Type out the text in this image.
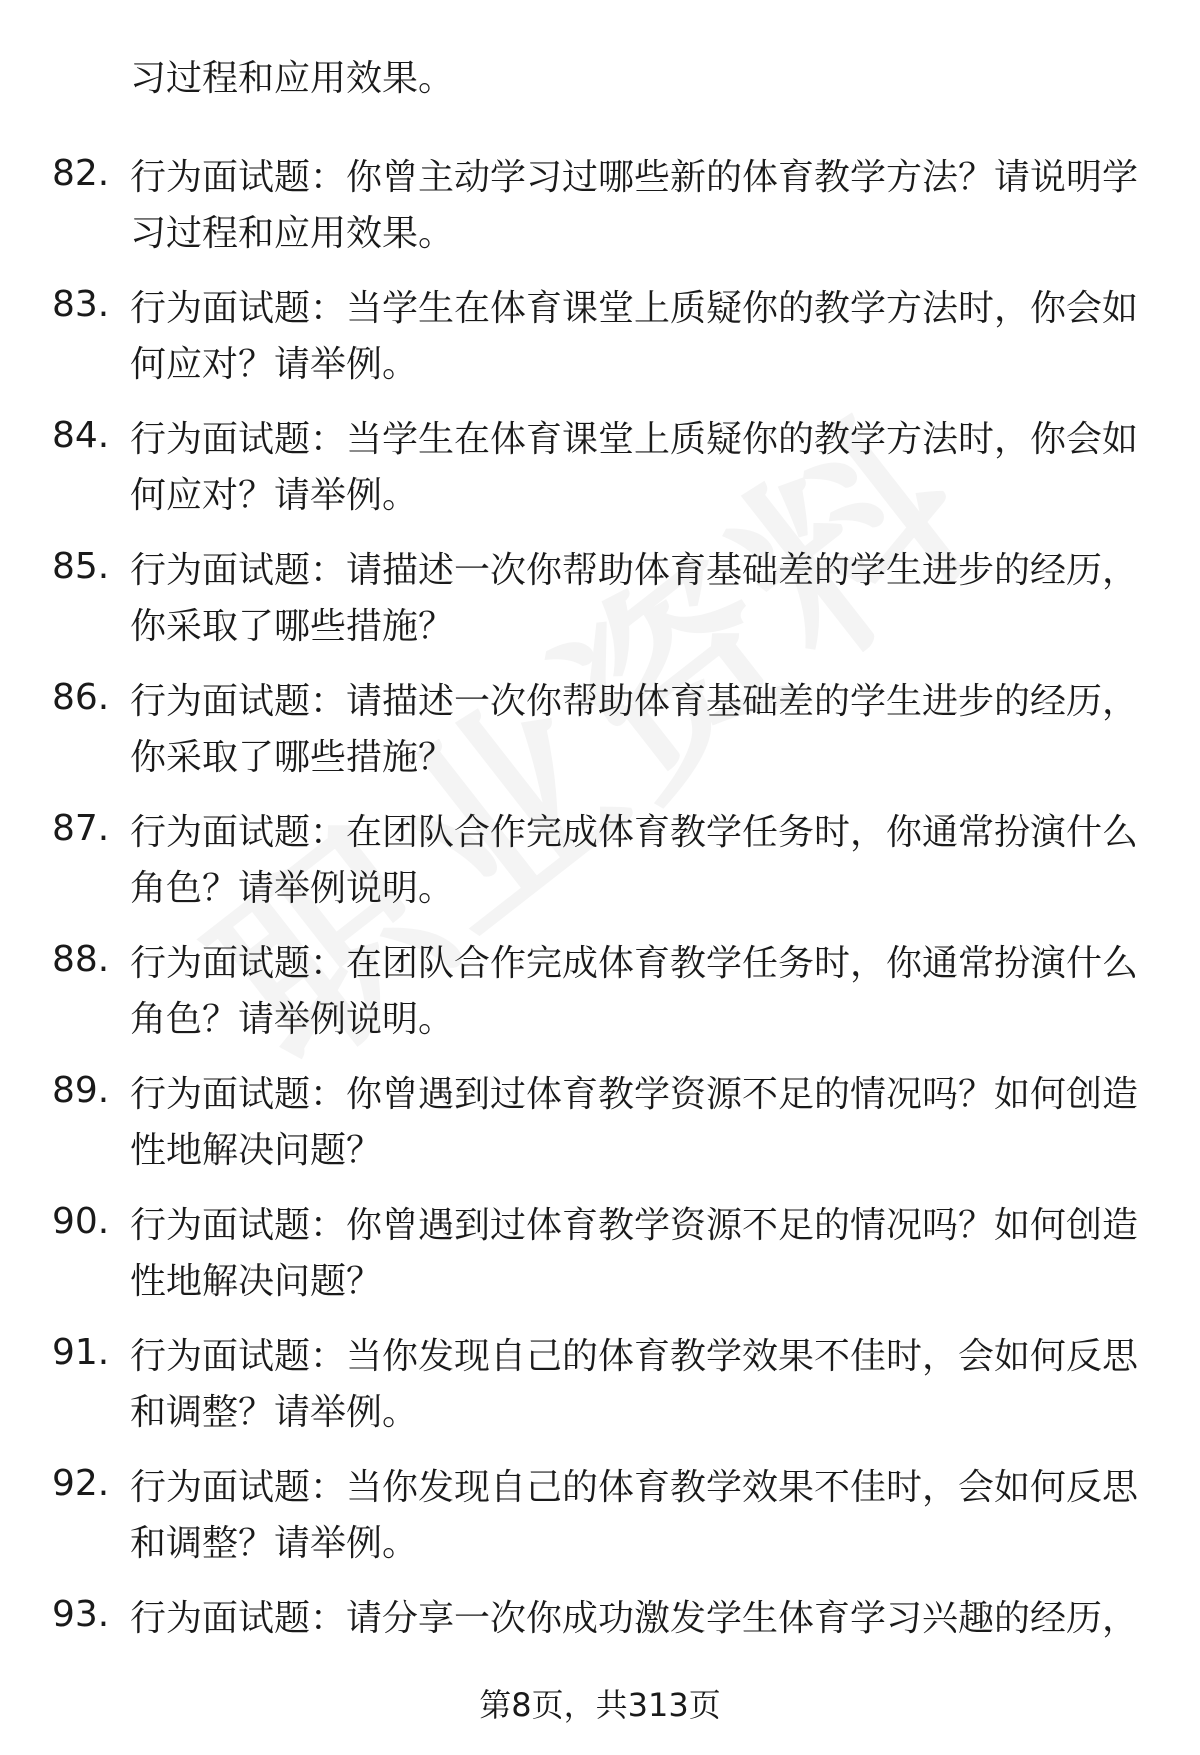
习过程和应用效果。

82. 行为面试题：你曾主动学习过哪些新的体育教学方法？请说明学习过程和应用效果。
83. 行为面试题：当学生在体育课堂上质疑你的教学方法时，你会如何应对？请举例。
84. 行为面试题：当学生在体育课堂上质疑你的教学方法时，你会如何应对？请举例。
85. 行为面试题：请描述一次你帮助体育基础差的学生进步的经历，你采取了哪些措施？
86. 行为面试题：请描述一次你帮助体育基础差的学生进步的经历，你采取了哪些措施？
87. 行为面试题：在团队合作完成体育教学任务时，你通常扮演什么角色？请举例说明。
88. 行为面试题：在团队合作完成体育教学任务时，你通常扮演什么角色？请举例说明。
89. 行为面试题：你曾遇到过体育教学资源不足的情况吗？如何创造性地解决问题？
90. 行为面试题：你曾遇到过体育教学资源不足的情况吗？如何创造性地解决问题？
91. 行为面试题：当你发现自己的体育教学效果不佳时，会如何反思和调整？请举例。
92. 行为面试题：当你发现自己的体育教学效果不佳时，会如何反思和调整？请举例。
93. 行为面试题：请分享一次你成功激发学生体育学习兴趣的经历，
第8页，共313页
